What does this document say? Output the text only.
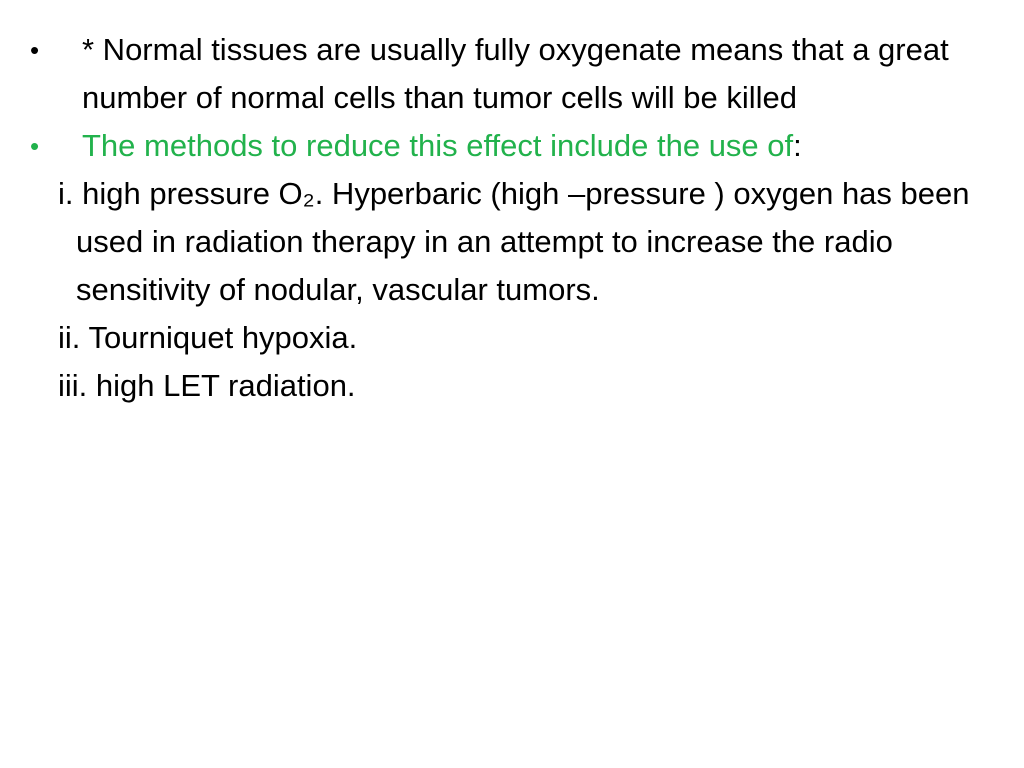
• * Normal tissues are usually fully oxygenate means that a great number of normal cells than tumor cells will be killed
• The methods to reduce this effect include the use of:
i. high pressure O₂. Hyperbaric (high –pressure ) oxygen has been used in radiation therapy in an attempt to increase the radio sensitivity of nodular, vascular tumors.
ii. Tourniquet hypoxia.
iii. high LET radiation.
